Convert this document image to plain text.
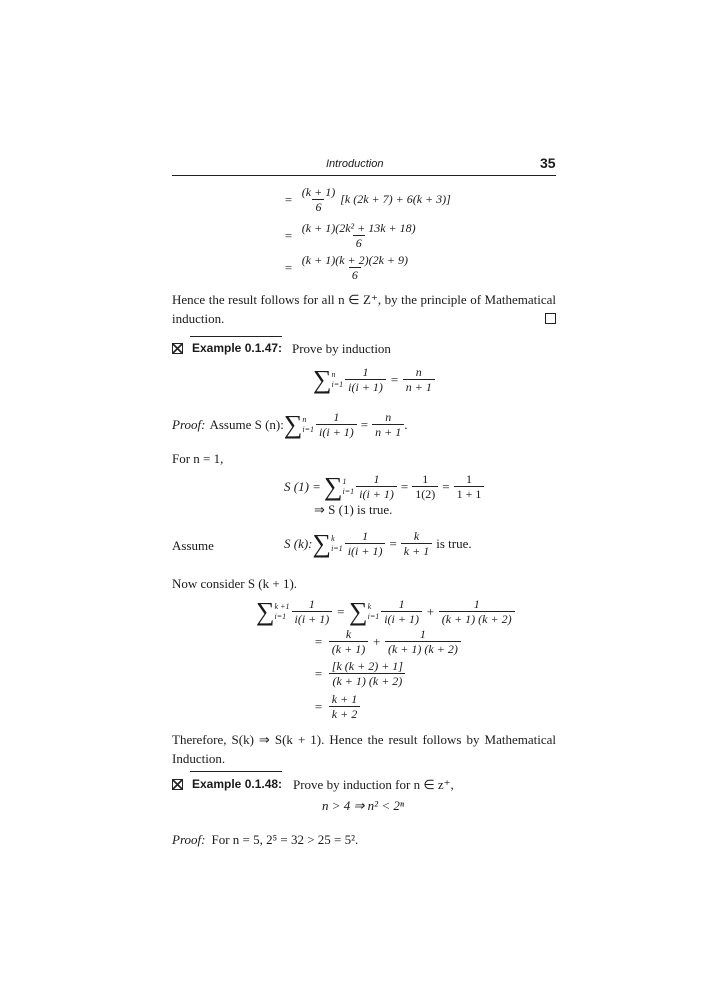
Introduction	35
= $\frac{(k + 1)}{6} [k$ (2k + 7) + 6(k + 3)]
= $\frac{\text{(k + 1)(2k² + 13k + 18)}}{6}$
= $\frac{(k + 1)(k + 2)(2k + 9)}{6}$
Hence the result follows for all n ∈ Z⁺, by the principle of Mathematical
induction.
Example 0.1.47: Prove by induction
∑ n
$i=1 \frac{1}{i(i + 1)} = \frac{n}{n + 1}$
Proof: Assume S (n): ∑ n
$i=1 \frac{1}{i(i + 1)} = \frac{n}{n + 1}$ .
For n = 1,
S (1) = ∑ 1
$i=1 \frac{1}{i(i + 1)} = \frac{1}{1(2)} = \frac{1}{1 + 1}$
⇒ S (1) is true.
Assume	S (k): ∑ k
$i=1 \frac{1}{i(i + 1)} = \frac{k}{k + 1}$ is true.
Now consider S (k + 1).
∑ k +1
$i=1 \frac{1}{i(i + 1)}$ = ∑ k
$i=1 \frac{1}{i(i + 1)} + \frac{1}{(k + 1) (k + 2)}$
= $\frac{k}{(k + 1)} + \frac{1}{(k + 1) (k + 2)}$
= $\frac{[k (k + 2) + 1]}{(k + 1) (k + 2)}$
= $\frac{k + 1}{k + 2}$
Therefore, S(k) ⇒ S(k + 1). Hence the result follows by Mathematical
Induction.
Example 0.1.48: Prove by induction for n ∈ z⁺,
n > 4 ⇒ n² < 2ⁿ
Proof: For n = 5, 2⁵ = 32 > 25 = 5².
